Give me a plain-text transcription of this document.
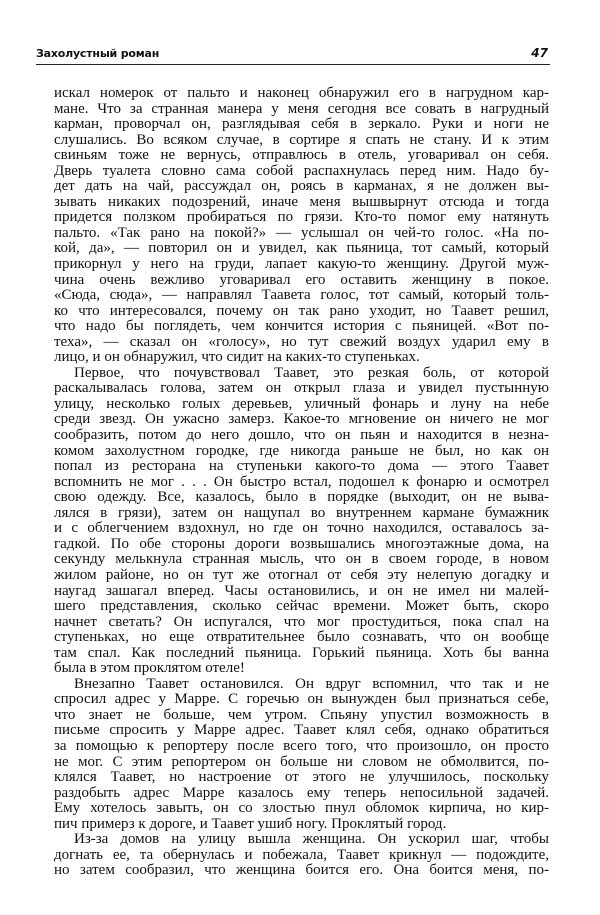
Захолустный роман	47
искал номерок от пальто и наконец обнаружил его в нагрудном кар-
мане. Что за странная манера у меня сегодня все совать в нагрудный
карман, проворчал он, разглядывая себя в зеркало. Руки и ноги не
слушались. Во всяком случае, в сортире я спать не стану. И к этим
свиньям тоже не вернусь, отправлюсь в отель, уговаривал он себя.
Дверь туалета словно сама собой распахнулась перед ним. Надо бу-
дет дать на чай, рассуждал он, роясь в карманах, я не должен вы-
зывать никаких подозрений, иначе меня вышвырнут отсюда и тогда
придется ползком пробираться по грязи. Кто-то помог ему натянуть
пальто. «Так рано на покой?» — услышал он чей-то голос. «На по-
кой, да», — повторил он и увидел, как пьяница, тот самый, который
прикорнул у него на груди, лапает какую-то женщину. Другой муж-
чина очень вежливо уговаривал его оставить женщину в покое.
«Сюда, сюда», — направлял Таавета голос, тот самый, который толь-
ко что интересовался, почему он так рано уходит, но Таавет решил,
что надо бы поглядеть, чем кончится история с пьяницей. «Вот по-
теха», — сказал он «голосу», но тут свежий воздух ударил ему в
лицо, и он обнаружил, что сидит на каких-то ступеньках.
Первое, что почувствовал Таавет, это резкая боль, от которой
раскалывалась голова, затем он открыл глаза и увидел пустынную
улицу, несколько голых деревьев, уличный фонарь и луну на небе
среди звезд. Он ужасно замерз. Какое-то мгновение он ничего не мог
сообразить, потом до него дошло, что он пьян и находится в незна-
комом захолустном городке, где никогда раньше не был, но как он
попал из ресторана на ступеньки какого-то дома — этого Таавет
вспомнить не мог . . . Он быстро встал, подошел к фонарю и осмотрел
свою одежду. Все, казалось, было в порядке (выходит, он не выва-
лялся в грязи), затем он нащупал во внутреннем кармане бумажник
и с облегчением вздохнул, но где он точно находился, оставалось за-
гадкой. По обе стороны дороги возвышались многоэтажные дома, на
секунду мелькнула странная мысль, что он в своем городе, в новом
жилом районе, но он тут же отогнал от себя эту нелепую догадку и
наугад зашагал вперед. Часы остановились, и он не имел ни малей-
шего представления, сколько сейчас времени. Может быть, скоро
начнет светать? Он испугался, что мог простудиться, пока спал на
ступеньках, но еще отвратительнее было сознавать, что он вообще
там спал. Как последний пьяница. Горький пьяница. Хоть бы ванна
была в этом проклятом отеле!
Внезапно Таавет остановился. Он вдруг вспомнил, что так и не
спросил адрес у Марре. С горечью он вынужден был признаться себе,
что знает не больше, чем утром. Спьяну упустил возможность в
письме спросить у Марре адрес. Таавет клял себя, однако обратиться
за помощью к репортеру после всего того, что произошло, он просто
не мог. С этим репортером он больше ни словом не обмолвится, по-
клялся Таавет, но настроение от этого не улучшилось, поскольку
раздобыть адрес Марре казалось ему теперь непосильной задачей.
Ему хотелось завыть, он со злостью пнул обломок кирпича, но кир-
пич примерз к дороге, и Таавет ушиб ногу. Проклятый город.
Из-за домов на улицу вышла женщина. Он ускорил шаг, чтобы
догнать ее, та обернулась и побежала, Таавет крикнул — подождите,
но затем сообразил, что женщина боится его. Она боится меня, по-
